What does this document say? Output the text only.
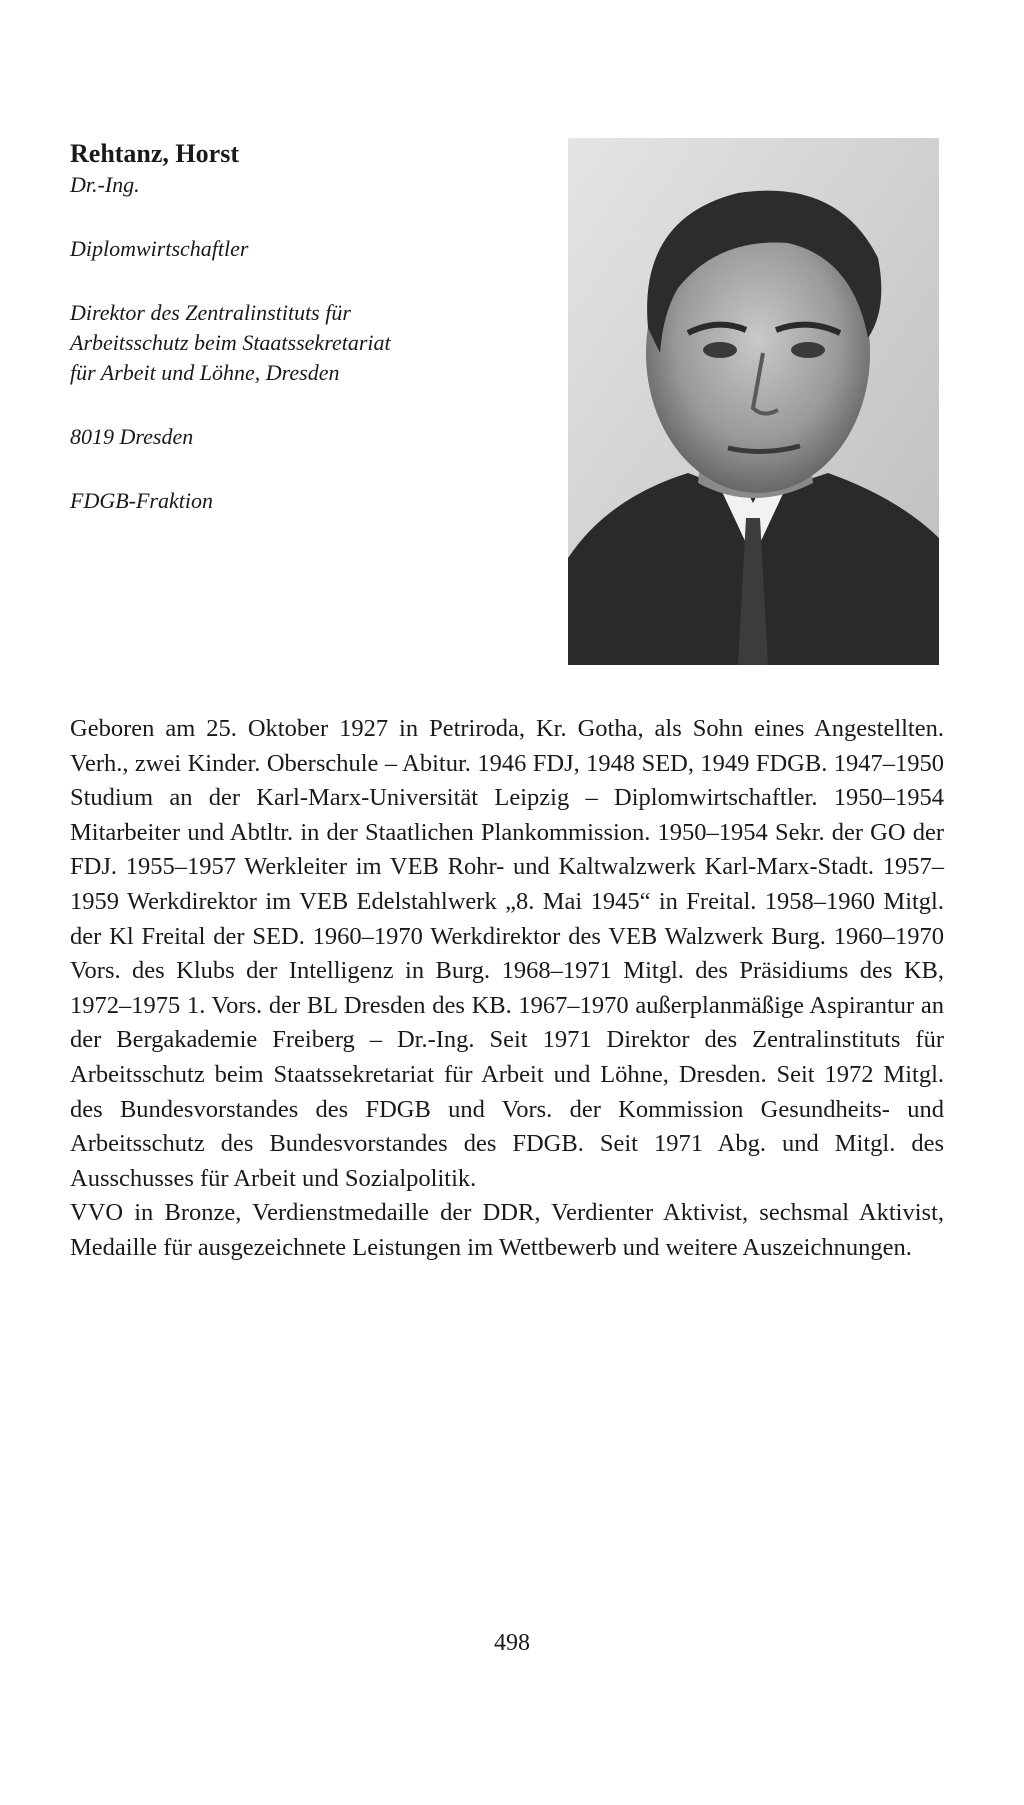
Rehtanz, Horst

Dr.-Ing.

Diplomwirtschaftler

Direktor des Zentralinstituts für

Arbeitsschutz beim Staatssekretariat

für Arbeit und Löhne, Dresden

8019 Dresden

FDGB-Fraktion

Geboren am 25. Oktober 1927 in Petriroda, Kr. Gotha, als Sohn eines Angestellten. Verh., zwei Kinder. Oberschule – Abitur. 1946 FDJ, 1948 SED, 1949 FDGB. 1947–1950 Studium an der Karl-Marx-Universität Leipzig – Diplomwirtschaftler. 1950–1954 Mitarbeiter und Abtltr. in der Staatlichen Plankommission. 1950–1954 Sekr. der GO der FDJ. 1955–1957 Werkleiter im VEB Rohr- und Kaltwalzwerk Karl-Marx-Stadt. 1957–1959 Werkdirektor im VEB Edelstahlwerk „8. Mai 1945“ in Freital. 1958–1960 Mitgl. der Kl Freital der SED. 1960–1970 Werkdirektor des VEB Walzwerk Burg. 1960–1970 Vors. des Klubs der Intelligenz in Burg. 1968–1971 Mitgl. des Präsidiums des KB, 1972–1975 1. Vors. der BL Dresden des KB. 1967–1970 außerplanmäßige Aspirantur an der Bergakademie Freiberg – Dr.-Ing. Seit 1971 Direktor des Zentralinstituts für Arbeitsschutz beim Staatssekretariat für Arbeit und Löhne, Dresden. Seit 1972 Mitgl. des Bundesvorstandes des FDGB und Vors. der Kommission Gesundheits- und Arbeitsschutz des Bundesvorstandes des FDGB. Seit 1971 Abg. und Mitgl. des Ausschusses für Arbeit und Sozialpolitik.

VVO in Bronze, Verdienstmedaille der DDR, Verdienter Aktivist, sechsmal Aktivist, Medaille für ausgezeichnete Leistungen im Wettbewerb und weitere Auszeichnungen.

498
